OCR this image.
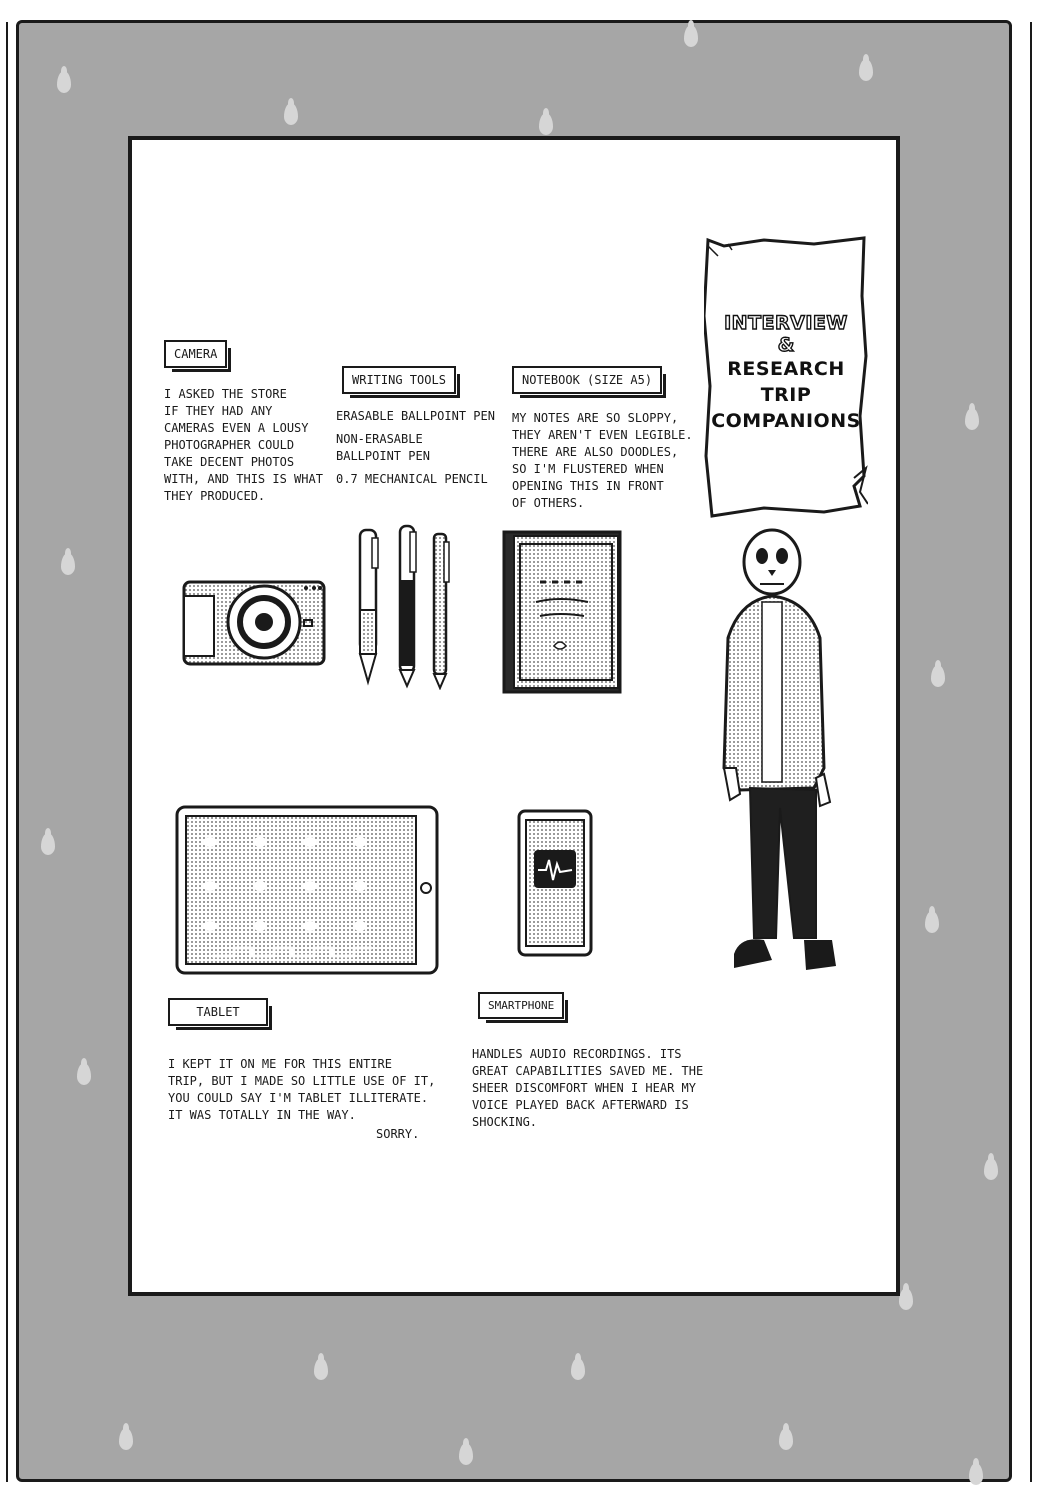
INTERVIEW
&
RESEARCH
TRIP
COMPANIONS
CAMERA

I ASKED THE STORE

IF THEY HAD ANY

CAMERAS EVEN A LOUSY

PHOTOGRAPHER COULD

TAKE DECENT PHOTOS

WITH, AND THIS IS WHAT

THEY PRODUCED.

WRITING TOOLS

ERASABLE BALLPOINT PEN

NON-ERASABLE

BALLPOINT PEN

0.7 MECHANICAL PENCIL

NOTEBOOK (SIZE A5)

MY NOTES ARE SO SLOPPY,

THEY AREN'T EVEN LEGIBLE.

THERE ARE ALSO DOODLES,

SO I'M FLUSTERED WHEN

OPENING THIS IN FRONT

OF OTHERS.

TABLET

I KEPT IT ON ME FOR THIS ENTIRE

TRIP, BUT I MADE SO LITTLE USE OF IT,

YOU COULD SAY I'M TABLET ILLITERATE.

IT WAS TOTALLY IN THE WAY.

SORRY.
SMARTPHONE

HANDLES AUDIO RECORDINGS. ITS

GREAT CAPABILITIES SAVED ME. THE

SHEER DISCOMFORT WHEN I HEAR MY

VOICE PLAYED BACK AFTERWARD IS

SHOCKING.
